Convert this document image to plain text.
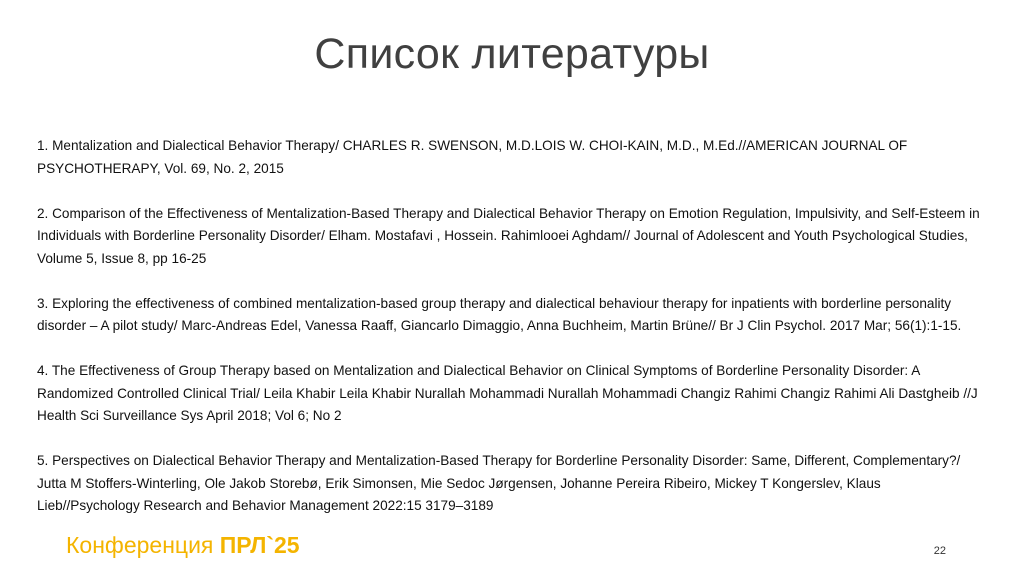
Список литературы

1. Mentalization and Dialectical Behavior Therapy/ CHARLES R. SWENSON, M.D.LOIS W. CHOI-KAIN, M.D., M.Ed.//AMERICAN JOURNAL OF PSYCHOTHERAPY, Vol. 69, No. 2, 2015

2. Comparison of the Effectiveness of Mentalization-Based Therapy and Dialectical Behavior Therapy on Emotion Regulation, Impulsivity, and Self-Esteem in Individuals with Borderline Personality Disorder/ Elham. Mostafavi , Hossein. Rahimlooei Aghdam// Journal of Adolescent and Youth Psychological Studies, Volume 5, Issue 8, pp 16-25

3. Exploring the effectiveness of combined mentalization-based group therapy and dialectical behaviour therapy for inpatients with borderline personality disorder – A pilot study/ Marc-Andreas Edel, Vanessa Raaff, Giancarlo Dimaggio, Anna Buchheim, Martin Brüne// Br J Clin Psychol. 2017 Mar; 56(1):1-15.

4. The Effectiveness of Group Therapy based on Mentalization and Dialectical Behavior on Clinical Symptoms of Borderline Personality Disorder: A Randomized Controlled Clinical Trial/ Leila Khabir Leila Khabir Nurallah Mohammadi Nurallah Mohammadi Changiz Rahimi Changiz Rahimi Ali Dastgheib //J Health Sci Surveillance Sys April 2018; Vol 6; No 2

5. Perspectives on Dialectical Behavior Therapy and Mentalization-Based Therapy for Borderline Personality Disorder: Same, Different, Complementary?/ Jutta M Stoffers-Winterling, Ole Jakob Storebø, Erik Simonsen, Mie Sedoc Jørgensen, Johanne Pereira Ribeiro, Mickey T Kongerslev, Klaus Lieb//Psychology Research and Behavior Management 2022:15 3179–3189

Конференция ПРЛ`25	22
